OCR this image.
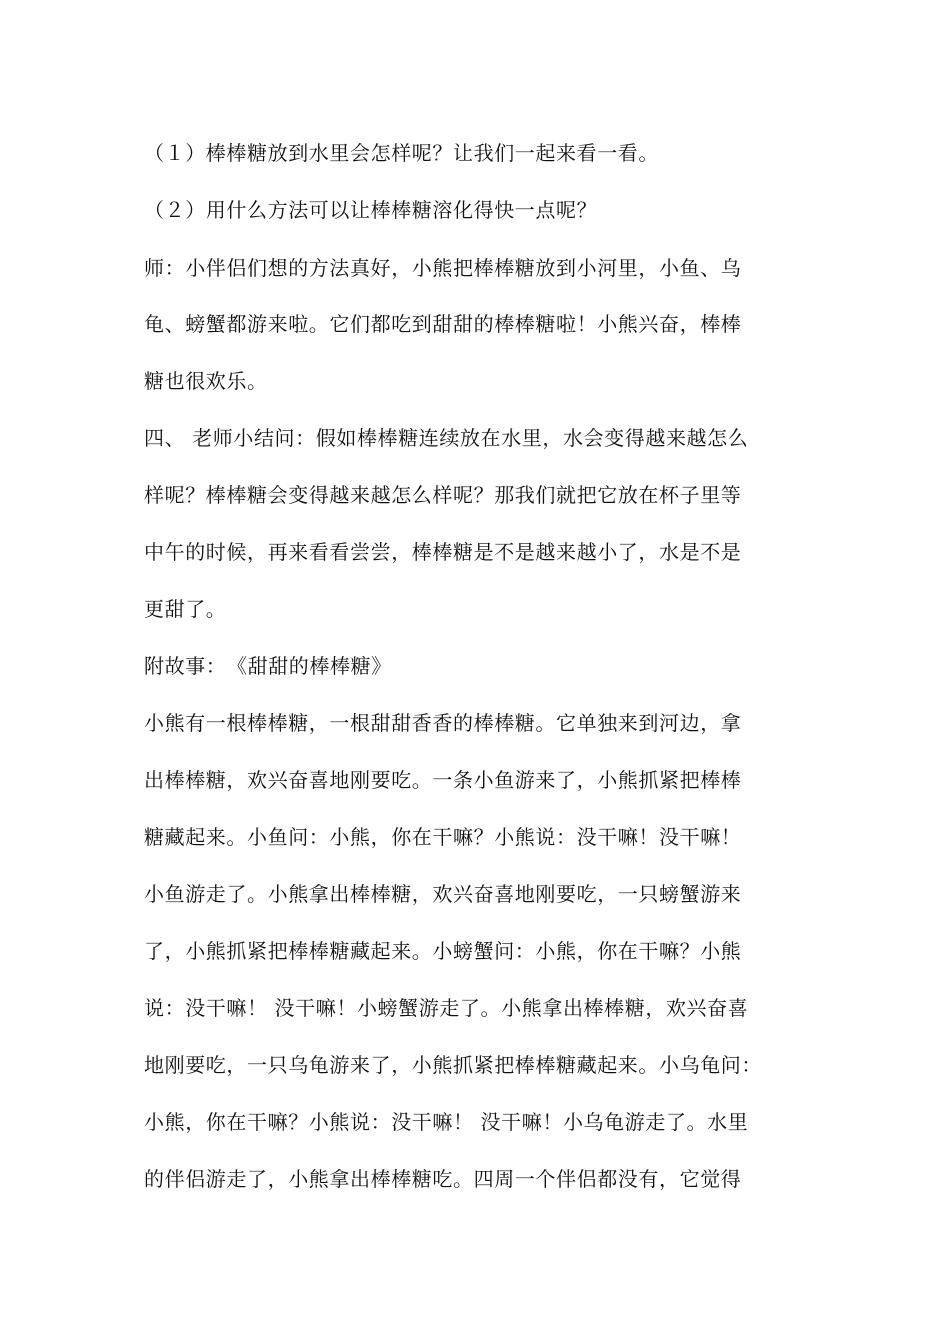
（１）棒棒糖放到水里会怎样呢？让我们一起来看一看。
（２）用什么方法可以让棒棒糖溶化得快一点呢？
师：小伴侣们想的方法真好，小熊把棒棒糖放到小河里，小鱼、乌
龟、螃蟹都游来啦。它们都吃到甜甜的棒棒糖啦！小熊兴奋，棒棒
糖也很欢乐。
四、 老师小结问：假如棒棒糖连续放在水里，水会变得越来越怎么
样呢？棒棒糖会变得越来越怎么样呢？那我们就把它放在杯子里等
中午的时候，再来看看尝尝，棒棒糖是不是越来越小了，水是不是
更甜了。
附故事：　《甜甜的棒棒糖》
小熊有一根棒棒糖，一根甜甜香香的棒棒糖。它单独来到河边，拿
出棒棒糖，欢兴奋喜地刚要吃。一条小鱼游来了，小熊抓紧把棒棒
糖藏起来。小鱼问：小熊，你在干嘛？小熊说：没干嘛！没干嘛！
小鱼游走了。小熊拿出棒棒糖，欢兴奋喜地刚要吃，一只螃蟹游来
了，小熊抓紧把棒棒糖藏起来。小螃蟹问：小熊，你在干嘛？小熊
说：没干嘛！ 没干嘛！小螃蟹游走了。小熊拿出棒棒糖，欢兴奋喜
地刚要吃，一只乌龟游来了，小熊抓紧把棒棒糖藏起来。小乌龟问：
小熊，你在干嘛？小熊说：没干嘛！ 没干嘛！小乌龟游走了。水里
的伴侣游走了，小熊拿出棒棒糖吃。四周一个伴侣都没有，它觉得
